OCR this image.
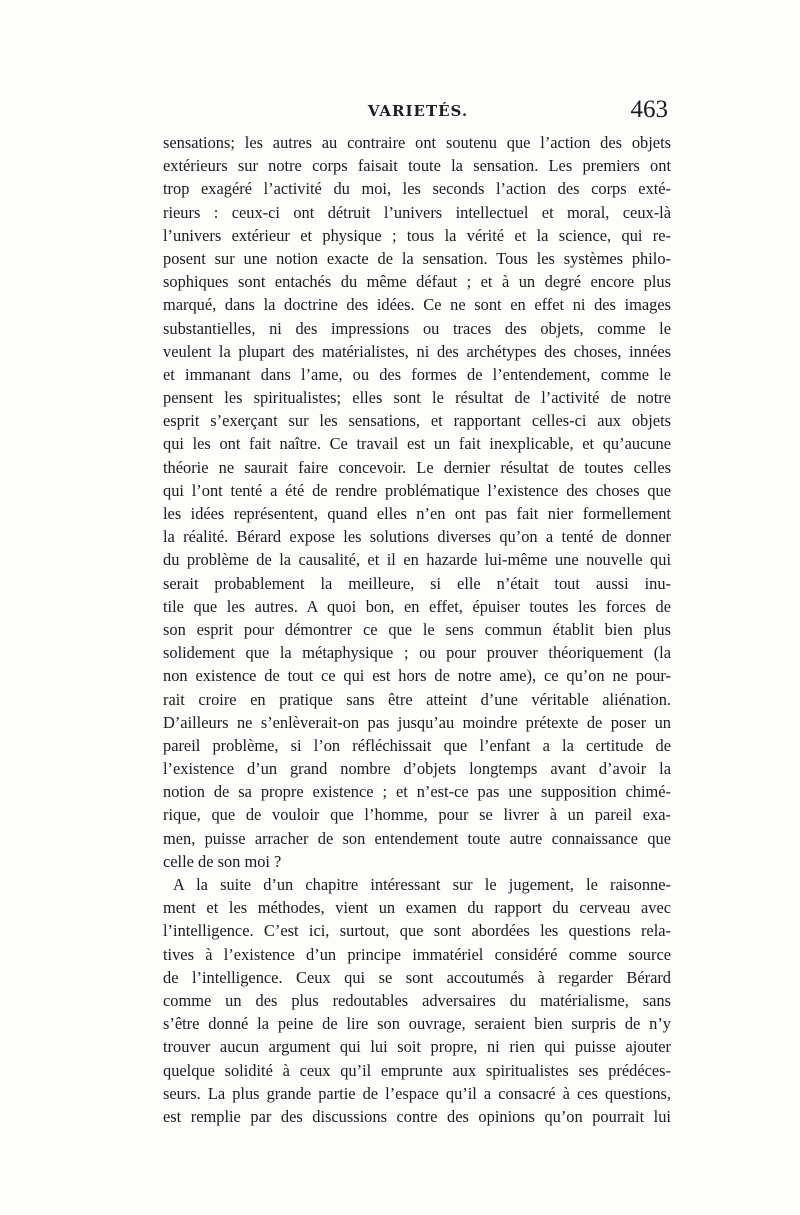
VARIETÉS.	463
sensations; les autres au contraire ont soutenu que l’action des objets
extérieurs sur notre corps faisait toute la sensation. Les premiers ont
trop exagéré l’activité du moi, les seconds l’action des corps exté-
rieurs : ceux-ci ont détruit l’univers intellectuel et moral, ceux-là
l’univers extérieur et physique ; tous la vérité et la science, qui re-
posent sur une notion exacte de la sensation. Tous les systèmes philo-
sophiques sont entachés du même défaut ; et à un degré encore plus
marqué, dans la doctrine des idées. Ce ne sont en effet ni des images
substantielles, ni des impressions ou traces des objets, comme le
veulent la plupart des matérialistes, ni des archétypes des choses, innées
et immanant dans l’ame, ou des formes de l’entendement, comme le
pensent les spiritualistes; elles sont le résultat de l’activité de notre
esprit s’exerçant sur les sensations, et rapportant celles-ci aux objets
qui les ont fait naître. Ce travail est un fait inexplicable, et qu’aucune
théorie ne saurait faire concevoir. Le dernier résultat de toutes celles
qui l’ont tenté a été de rendre problématique l’existence des choses que
les idées représentent, quand elles n’en ont pas fait nier formellement
la réalité. Bérard expose les solutions diverses qu’on a tenté de donner
du problème de la causalité, et il en hazarde lui-même une nouvelle qui
serait probablement la meilleure, si elle n’était tout aussi inu-
tile que les autres. A quoi bon, en effet, épuiser toutes les forces de
son esprit pour démontrer ce que le sens commun établit bien plus
solidement que la métaphysique ; ou pour prouver théoriquement (la
non existence de tout ce qui est hors de notre ame), ce qu’on ne pour-
rait croire en pratique sans être atteint d’une véritable aliénation.
D’ailleurs ne s’enlèverait-on pas jusqu’au moindre prétexte de poser un
pareil problème, si l’on réfléchissait que l’enfant a la certitude de
l’existence d’un grand nombre d’objets longtemps avant d’avoir la
notion de sa propre existence ; et n’est-ce pas une supposition chimé-
rique, que de vouloir que l’homme, pour se livrer à un pareil exa-
men, puisse arracher de son entendement toute autre connaissance que
celle de son moi ?
A la suite d’un chapitre intéressant sur le jugement, le raisonne-
ment et les méthodes, vient un examen du rapport du cerveau avec
l’intelligence. C’est ici, surtout, que sont abordées les questions rela-
tives à l’existence d’un principe immatériel considéré comme source
de l’intelligence. Ceux qui se sont accoutumés à regarder Bérard
comme un des plus redoutables adversaires du matérialisme, sans
s’être donné la peine de lire son ouvrage, seraient bien surpris de n’y
trouver aucun argument qui lui soit propre, ni rien qui puisse ajouter
quelque solidité à ceux qu’il emprunte aux spiritualistes ses prédéces-
seurs. La plus grande partie de l’espace qu’il a consacré à ces questions,
est remplie par des discussions contre des opinions qu’on pourrait lui
